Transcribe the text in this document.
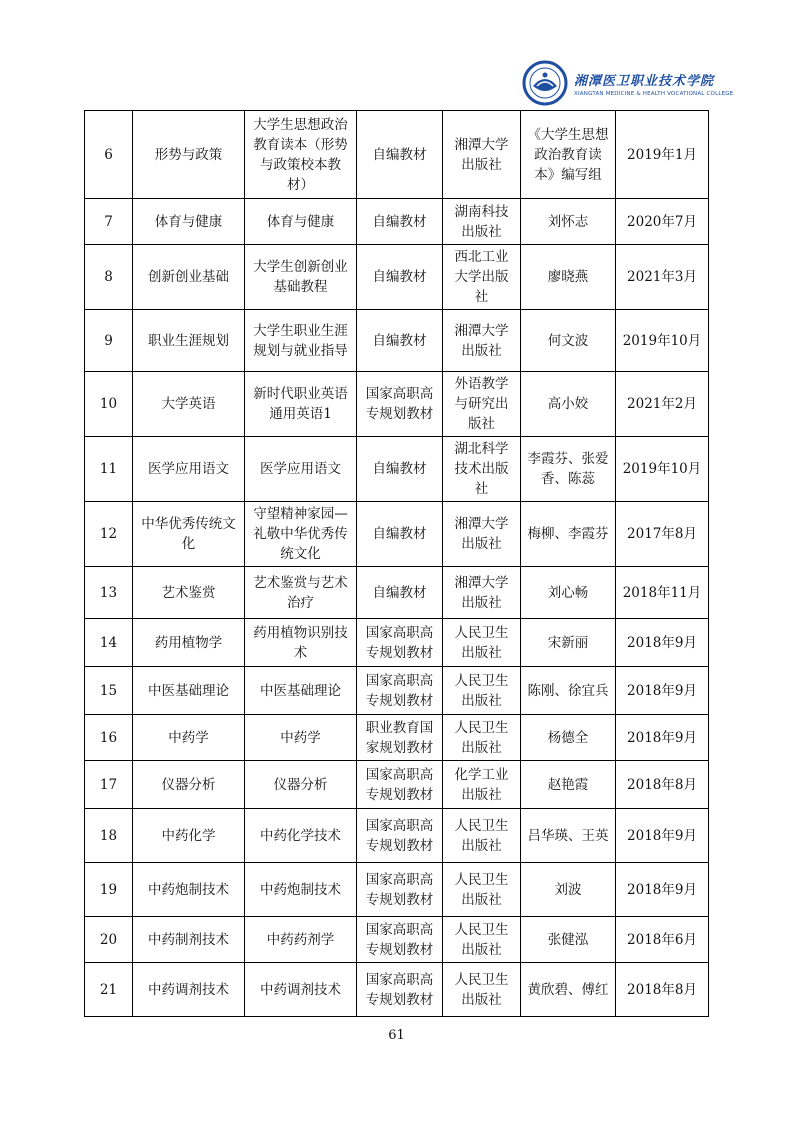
湘潭医卫职业技术学院
XIANGTAN MEDICINE & HEALTH VOCATIONAL COLLEGE
6	形势与政策	大学生思想政治教育读本（形势与政策校本教材）	自编教材	湘潭大学出版社	《大学生思想政治教育读本》编写组	2019年1月
7	体育与健康	体育与健康	自编教材	湖南科技出版社	刘怀志	2020年7月
8	创新创业基础	大学生创新创业基础教程	自编教材	西北工业大学出版社	廖晓燕	2021年3月
9	职业生涯规划	大学生职业生涯规划与就业指导	自编教材	湘潭大学出版社	何文波	2019年10月
10	大学英语	新时代职业英语通用英语1	国家高职高专规划教材	外语教学与研究出版社	高小姣	2021年2月
11	医学应用语文	医学应用语文	自编教材	湖北科学技术出版社	李霞芬、张爱香、陈蕊	2019年10月
12	中华优秀传统文化	守望精神家园—礼敬中华优秀传统文化	自编教材	湘潭大学出版社	梅柳、李霞芬	2017年8月
13	艺术鉴赏	艺术鉴赏与艺术治疗	自编教材	湘潭大学出版社	刘心畅	2018年11月
14	药用植物学	药用植物识别技术	国家高职高专规划教材	人民卫生出版社	宋新丽	2018年9月
15	中医基础理论	中医基础理论	国家高职高专规划教材	人民卫生出版社	陈刚、徐宜兵	2018年9月
16	中药学	中药学	职业教育国家规划教材	人民卫生出版社	杨德全	2018年9月
17	仪器分析	仪器分析	国家高职高专规划教材	化学工业出版社	赵艳霞	2018年8月
18	中药化学	中药化学技术	国家高职高专规划教材	人民卫生出版社	吕华瑛、王英	2018年9月
19	中药炮制技术	中药炮制技术	国家高职高专规划教材	人民卫生出版社	刘波	2018年9月
20	中药制剂技术	中药药剂学	国家高职高专规划教材	人民卫生出版社	张健泓	2018年6月
21	中药调剂技术	中药调剂技术	国家高职高专规划教材	人民卫生出版社	黄欣碧、傅红	2018年8月
61
